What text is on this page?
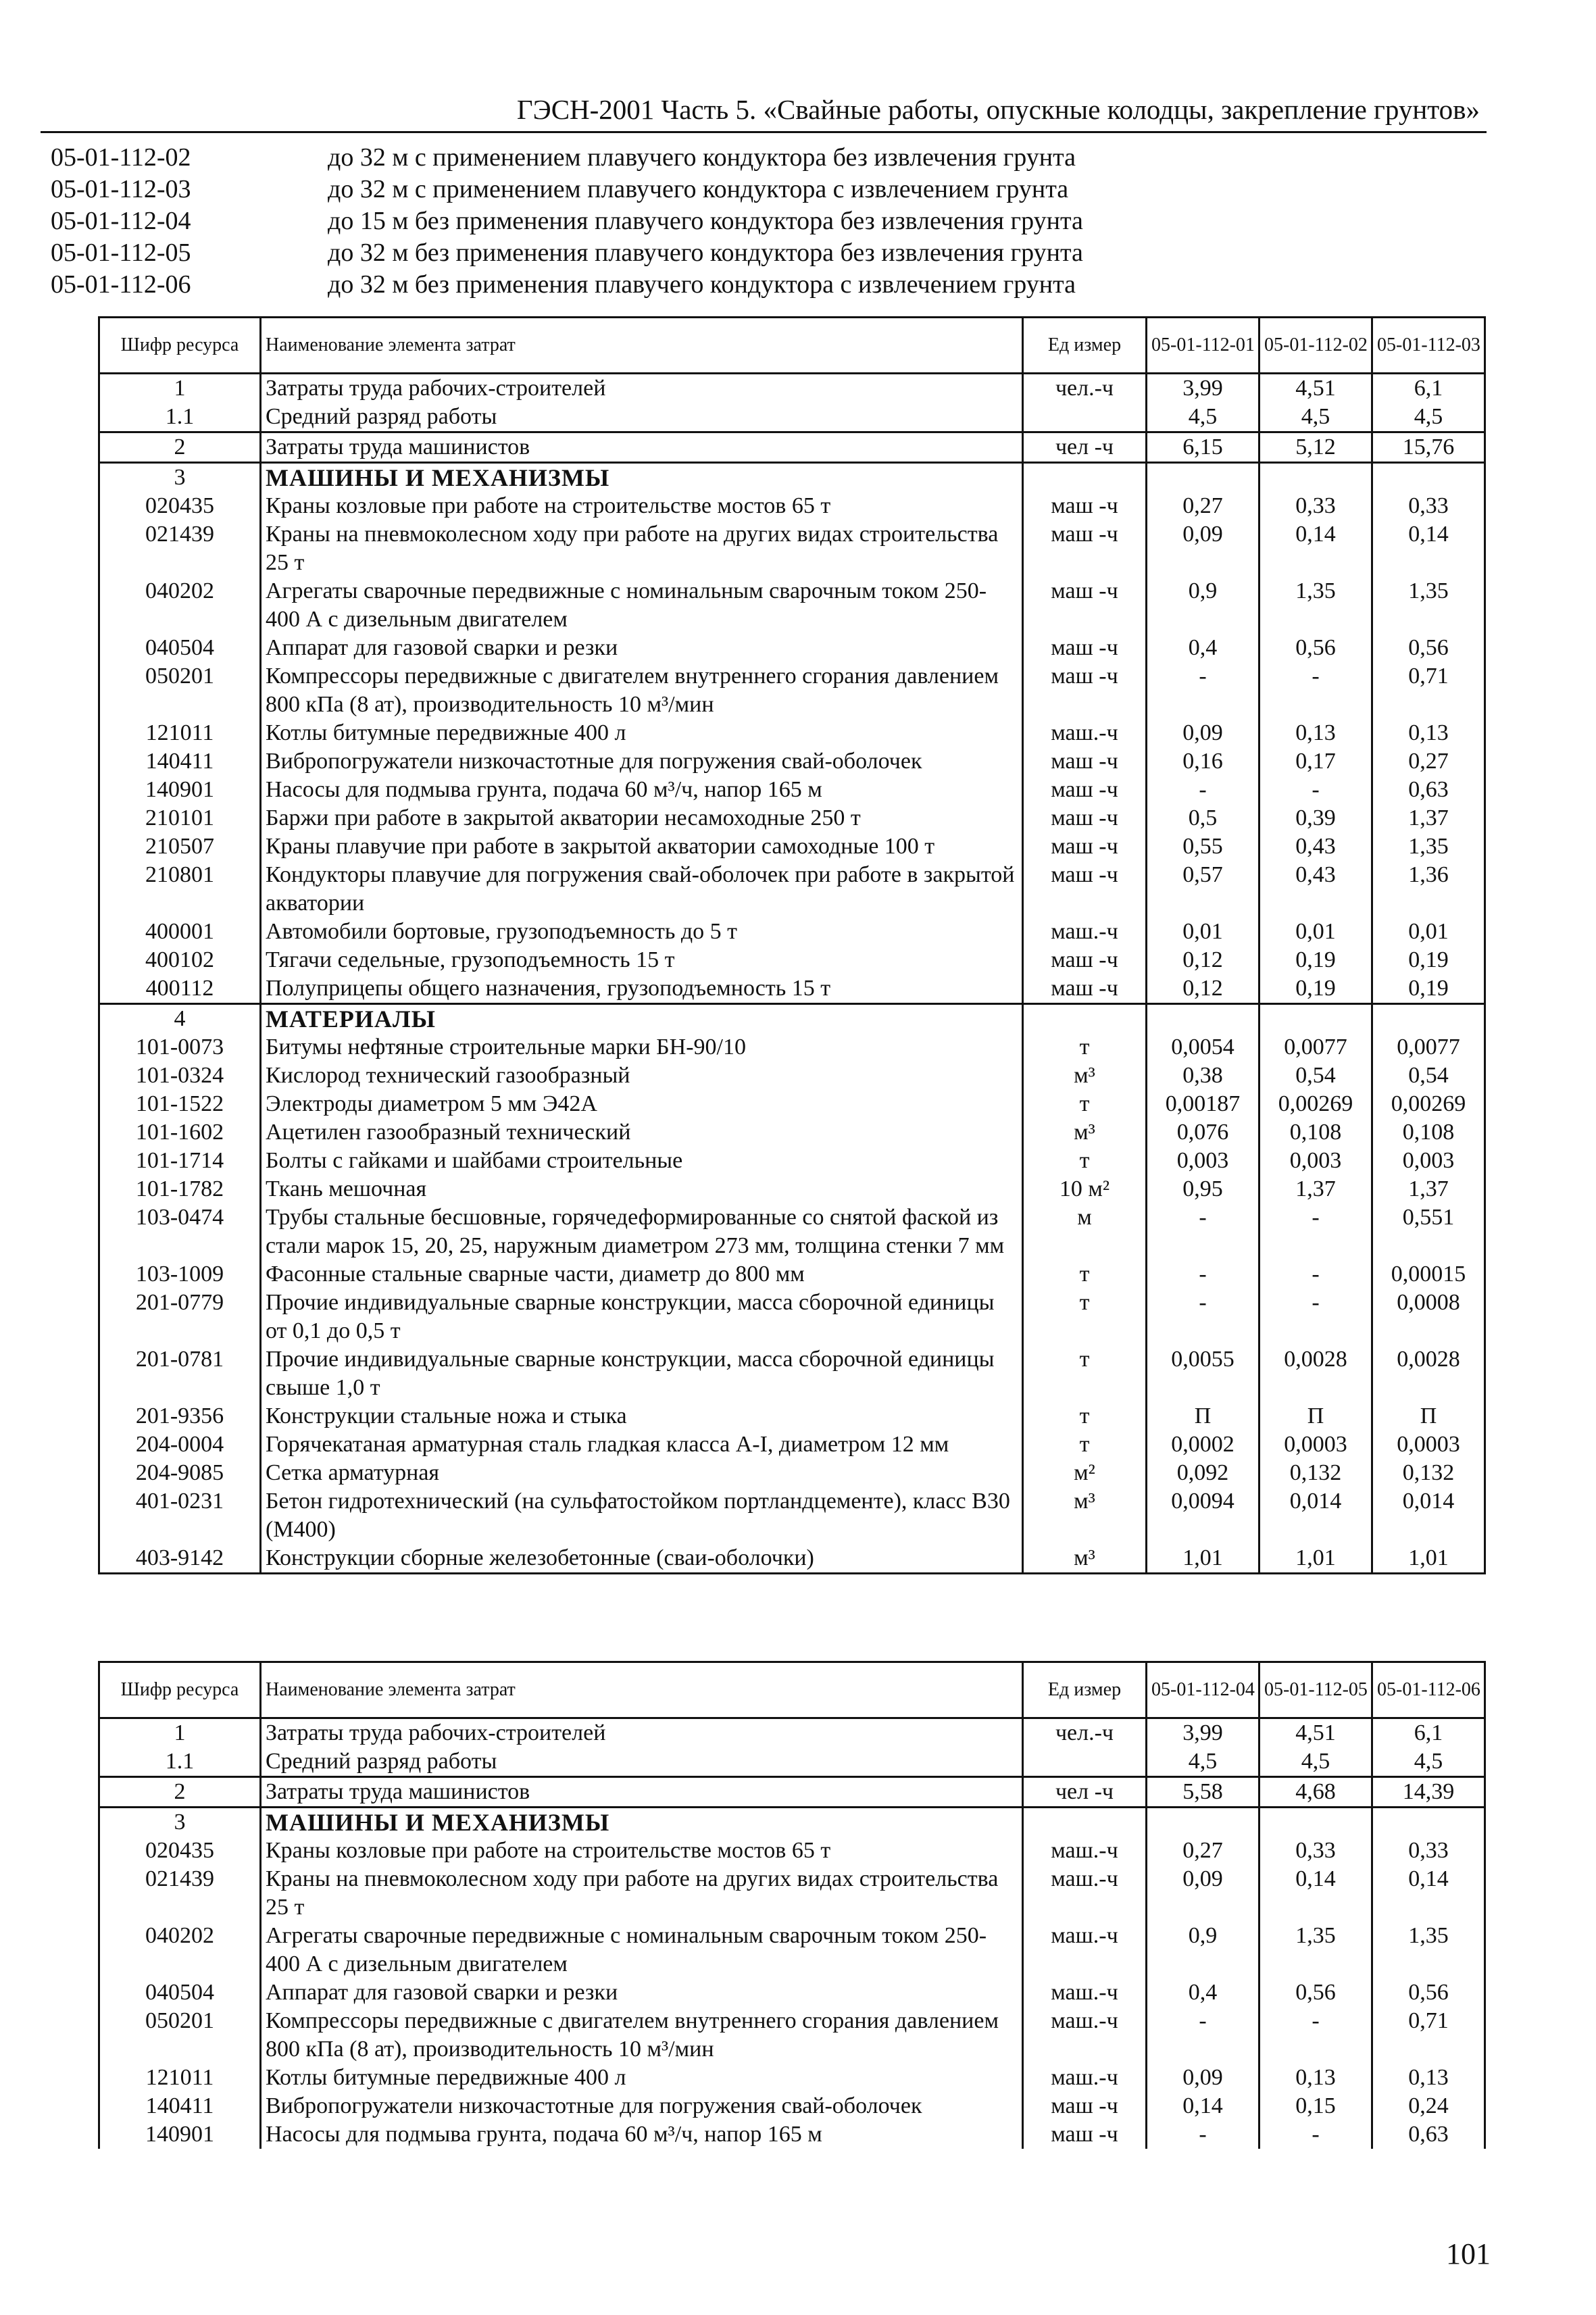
ГЭСН-2001 Часть 5. «Свайные работы, опускные колодцы, закрепление грунтов»
05-01-112-02	до 32 м с применением плавучего кондуктора без извлечения грунта
05-01-112-03	до 32 м с применением плавучего кондуктора с извлечением грунта
05-01-112-04	до 15 м без применения плавучего кондуктора без извлечения грунта
05-01-112-05	до 32 м без применения плавучего кондуктора без извлечения грунта
05-01-112-06	до 32 м без применения плавучего кондуктора с извлечением грунта
Шифр ресурса	Наименование элемента затрат	Ед измер	05-01-112-01	05-01-112-02	05-01-112-03
1	Затраты труда рабочих-строителей	чел.-ч	3,99	4,51	6,1
1.1	Средний разряд работы		4,5	4,5	4,5
2	Затраты труда машинистов	чел -ч	6,15	5,12	15,76
3	МАШИНЫ И МЕХАНИЗМЫ				
020435	Краны козловые при работе на строительстве мостов 65 т	маш -ч	0,27	0,33	0,33
021439	Краны на пневмоколесном ходу при работе на других видах строительства 25 т	маш -ч	0,09	0,14	0,14
040202	Агрегаты сварочные передвижные с номинальным сварочным током 250-400 А с дизельным двигателем	маш -ч	0,9	1,35	1,35
040504	Аппарат для газовой сварки и резки	маш -ч	0,4	0,56	0,56
050201	Компрессоры передвижные с двигателем внутреннего сгорания давлением 800 кПа (8 ат), производительность 10 м³/мин	маш -ч	-	-	0,71
121011	Котлы битумные передвижные 400 л	маш.-ч	0,09	0,13	0,13
140411	Вибропогружатели низкочастотные для погружения свай-оболочек	маш -ч	0,16	0,17	0,27
140901	Насосы для подмыва грунта, подача 60 м³/ч, напор 165 м	маш -ч	-	-	0,63
210101	Баржи при работе в закрытой акватории несамоходные 250 т	маш -ч	0,5	0,39	1,37
210507	Краны плавучие при работе в закрытой акватории самоходные 100 т	маш -ч	0,55	0,43	1,35
210801	Кондукторы плавучие для погружения свай-оболочек при работе в закрытой акватории	маш -ч	0,57	0,43	1,36
400001	Автомобили бортовые, грузоподъемность до 5 т	маш.-ч	0,01	0,01	0,01
400102	Тягачи седельные, грузоподъемность 15 т	маш -ч	0,12	0,19	0,19
400112	Полуприцепы общего назначения, грузоподъемность 15 т	маш -ч	0,12	0,19	0,19
4	МАТЕРИАЛЫ				
101-0073	Битумы нефтяные строительные марки БН-90/10	т	0,0054	0,0077	0,0077
101-0324	Кислород технический газообразный	м³	0,38	0,54	0,54
101-1522	Электроды диаметром 5 мм Э42А	т	0,00187	0,00269	0,00269
101-1602	Ацетилен газообразный технический	м³	0,076	0,108	0,108
101-1714	Болты с гайками и шайбами строительные	т	0,003	0,003	0,003
101-1782	Ткань мешочная	10 м²	0,95	1,37	1,37
103-0474	Трубы стальные бесшовные, горячедеформированные со снятой фаской из стали марок 15, 20, 25, наружным диаметром 273 мм, толщина стенки 7 мм	м	-	-	0,551
103-1009	Фасонные стальные сварные части, диаметр до 800 мм	т	-	-	0,00015
201-0779	Прочие индивидуальные сварные конструкции, масса сборочной единицы от 0,1 до 0,5 т	т	-	-	0,0008
201-0781	Прочие индивидуальные сварные конструкции, масса сборочной единицы свыше 1,0 т	т	0,0055	0,0028	0,0028
201-9356	Конструкции стальные ножа и стыка	т	П	П	П
204-0004	Горячекатаная арматурная сталь гладкая класса А-I, диаметром 12 мм	т	0,0002	0,0003	0,0003
204-9085	Сетка арматурная	м²	0,092	0,132	0,132
401-0231	Бетон гидротехнический (на сульфатостойком портландцементе), класс В30 (М400)	м³	0,0094	0,014	0,014
403-9142	Конструкции сборные железобетонные (сваи-оболочки)	м³	1,01	1,01	1,01
Шифр ресурса	Наименование элемента затрат	Ед измер	05-01-112-04	05-01-112-05	05-01-112-06
1	Затраты труда рабочих-строителей	чел.-ч	3,99	4,51	6,1
1.1	Средний разряд работы		4,5	4,5	4,5
2	Затраты труда машинистов	чел -ч	5,58	4,68	14,39
3	МАШИНЫ И МЕХАНИЗМЫ				
020435	Краны козловые при работе на строительстве мостов 65 т	маш.-ч	0,27	0,33	0,33
021439	Краны на пневмоколесном ходу при работе на других видах строительства 25 т	маш.-ч	0,09	0,14	0,14
040202	Агрегаты сварочные передвижные с номинальным сварочным током 250-400 А с дизельным двигателем	маш.-ч	0,9	1,35	1,35
040504	Аппарат для газовой сварки и резки	маш.-ч	0,4	0,56	0,56
050201	Компрессоры передвижные с двигателем внутреннего сгорания давлением 800 кПа (8 ат), производительность 10 м³/мин	маш.-ч	-	-	0,71
121011	Котлы битумные передвижные 400 л	маш.-ч	0,09	0,13	0,13
140411	Вибропогружатели низкочастотные для погружения свай-оболочек	маш -ч	0,14	0,15	0,24
140901	Насосы для подмыва грунта, подача 60 м³/ч, напор 165 м	маш -ч	-	-	0,63
101
